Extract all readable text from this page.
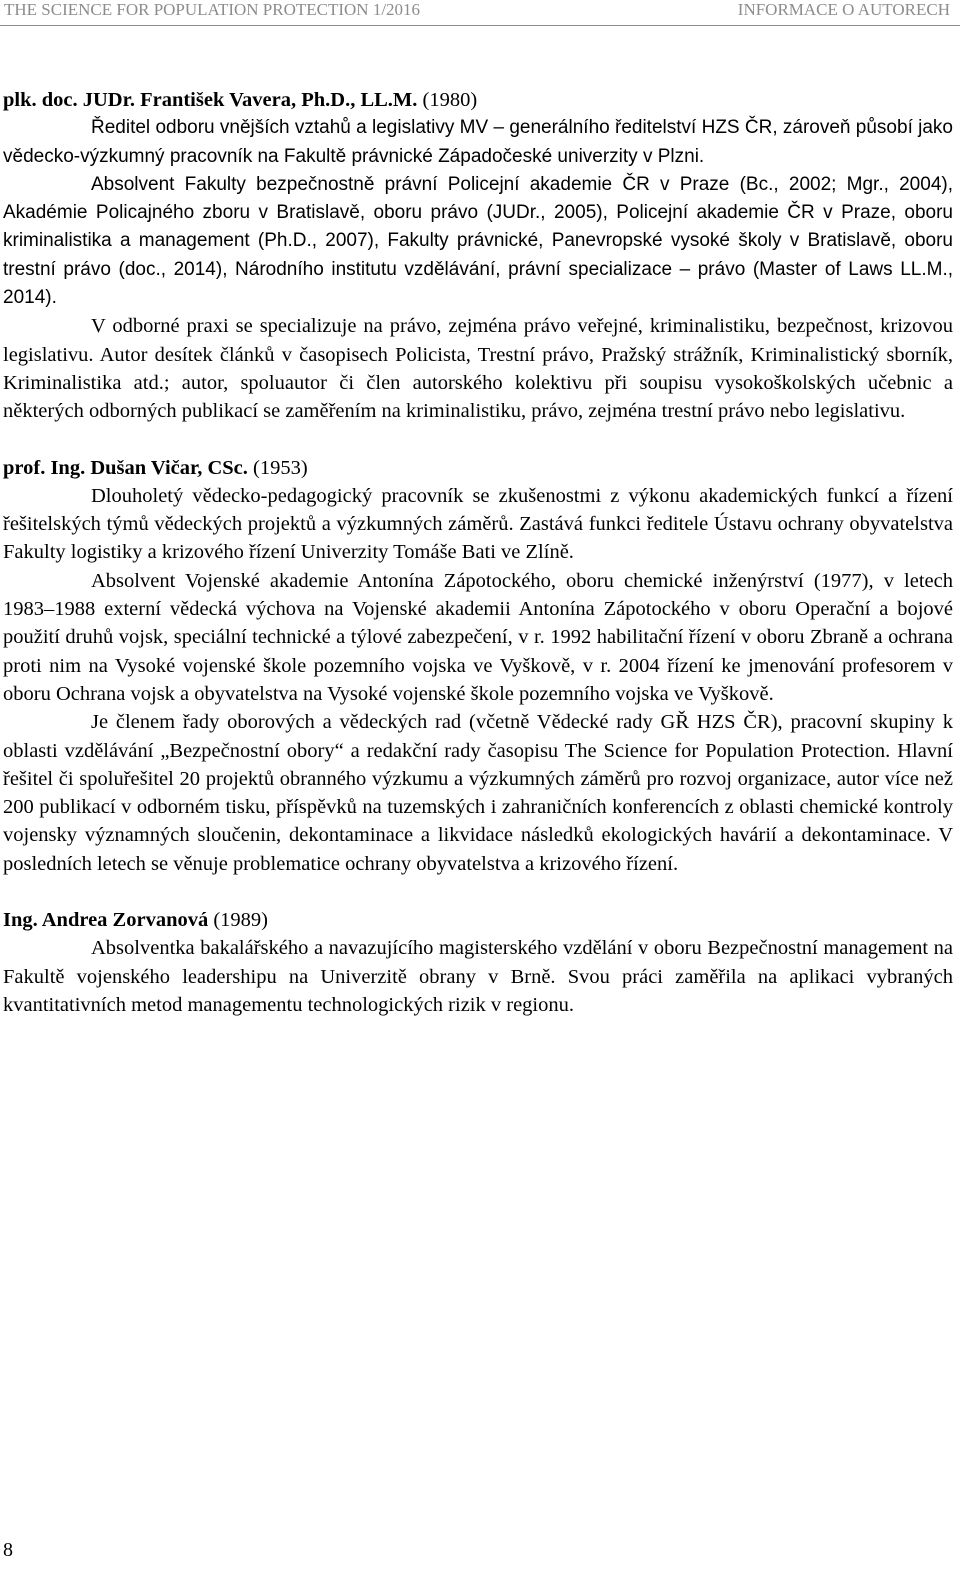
THE SCIENCE FOR POPULATION PROTECTION 1/2016	INFORMACE O AUTORECH

plk. doc. JUDr. František Vavera, Ph.D., LL.M. (1980)

Ředitel odboru vnějších vztahů a legislativy MV – generálního ředitelství HZS ČR, zároveň působí jako vědecko-výzkumný pracovník na Fakultě právnické Západočeské univerzity v Plzni.

Absolvent Fakulty bezpečnostně právní Policejní akademie ČR v Praze (Bc., 2002; Mgr., 2004), Akadémie Policajného zboru v Bratislavě, oboru právo (JUDr., 2005), Policejní akademie ČR v Praze, oboru kriminalistika a management (Ph.D., 2007), Fakulty právnické, Panevropské vysoké školy v Bratislavě, oboru trestní právo (doc., 2014), Národního institutu vzdělávání, právní specializace – právo (Master of Laws LL.M., 2014).

V odborné praxi se specializuje na právo, zejména právo veřejné, kriminalistiku, bezpečnost, krizovou legislativu. Autor desítek článků v časopisech Policista, Trestní právo, Pražský strážník, Kriminalistický sborník, Kriminalistika atd.; autor, spoluautor či člen autorského kolektivu při soupisu vysokoškolských učebnic a některých odborných publikací se zaměřením na kriminalistiku, právo, zejména trestní právo nebo legislativu.

prof. Ing. Dušan Vičar, CSc. (1953)

Dlouholetý vědecko-pedagogický pracovník se zkušenostmi z výkonu akademických funkcí a řízení řešitelských týmů vědeckých projektů a výzkumných záměrů. Zastává funkci ředitele Ústavu ochrany obyvatelstva Fakulty logistiky a krizového řízení Univerzity Tomáše Bati ve Zlíně.

Absolvent Vojenské akademie Antonína Zápotockého, oboru chemické inženýrství (1977), v letech 1983–1988 externí vědecká výchova na Vojenské akademii Antonína Zápotockého v oboru Operační a bojové použití druhů vojsk, speciální technické a týlové zabezpečení, v r. 1992 habilitační řízení v oboru Zbraně a ochrana proti nim na Vysoké vojenské škole pozemního vojska ve Vyškově, v r. 2004 řízení ke jmenování profesorem v oboru Ochrana vojsk a obyvatelstva na Vysoké vojenské škole pozemního vojska ve Vyškově.

Je členem řady oborových a vědeckých rad (včetně Vědecké rady GŘ HZS ČR), pracovní skupiny k oblasti vzdělávání „Bezpečnostní obory“ a redakční rady časopisu The Science for Population Protection. Hlavní řešitel či spoluřešitel 20 projektů obranného výzkumu a výzkumných záměrů pro rozvoj organizace, autor více než 200 publikací v odborném tisku, příspěvků na tuzemských i zahraničních konferencích z oblasti chemické kontroly vojensky významných sloučenin, dekontaminace a likvidace následků ekologických havárií a dekontaminace. V posledních letech se věnuje problematice ochrany obyvatelstva a krizového řízení.

Ing. Andrea Zorvanová (1989)

Absolventka bakalářského a navazujícího magisterského vzdělání v oboru Bezpečnostní management na Fakultě vojenského leadershipu na Univerzitě obrany v Brně. Svou práci zaměřila na aplikaci vybraných kvantitativních metod managementu technologických rizik v regionu.

8
